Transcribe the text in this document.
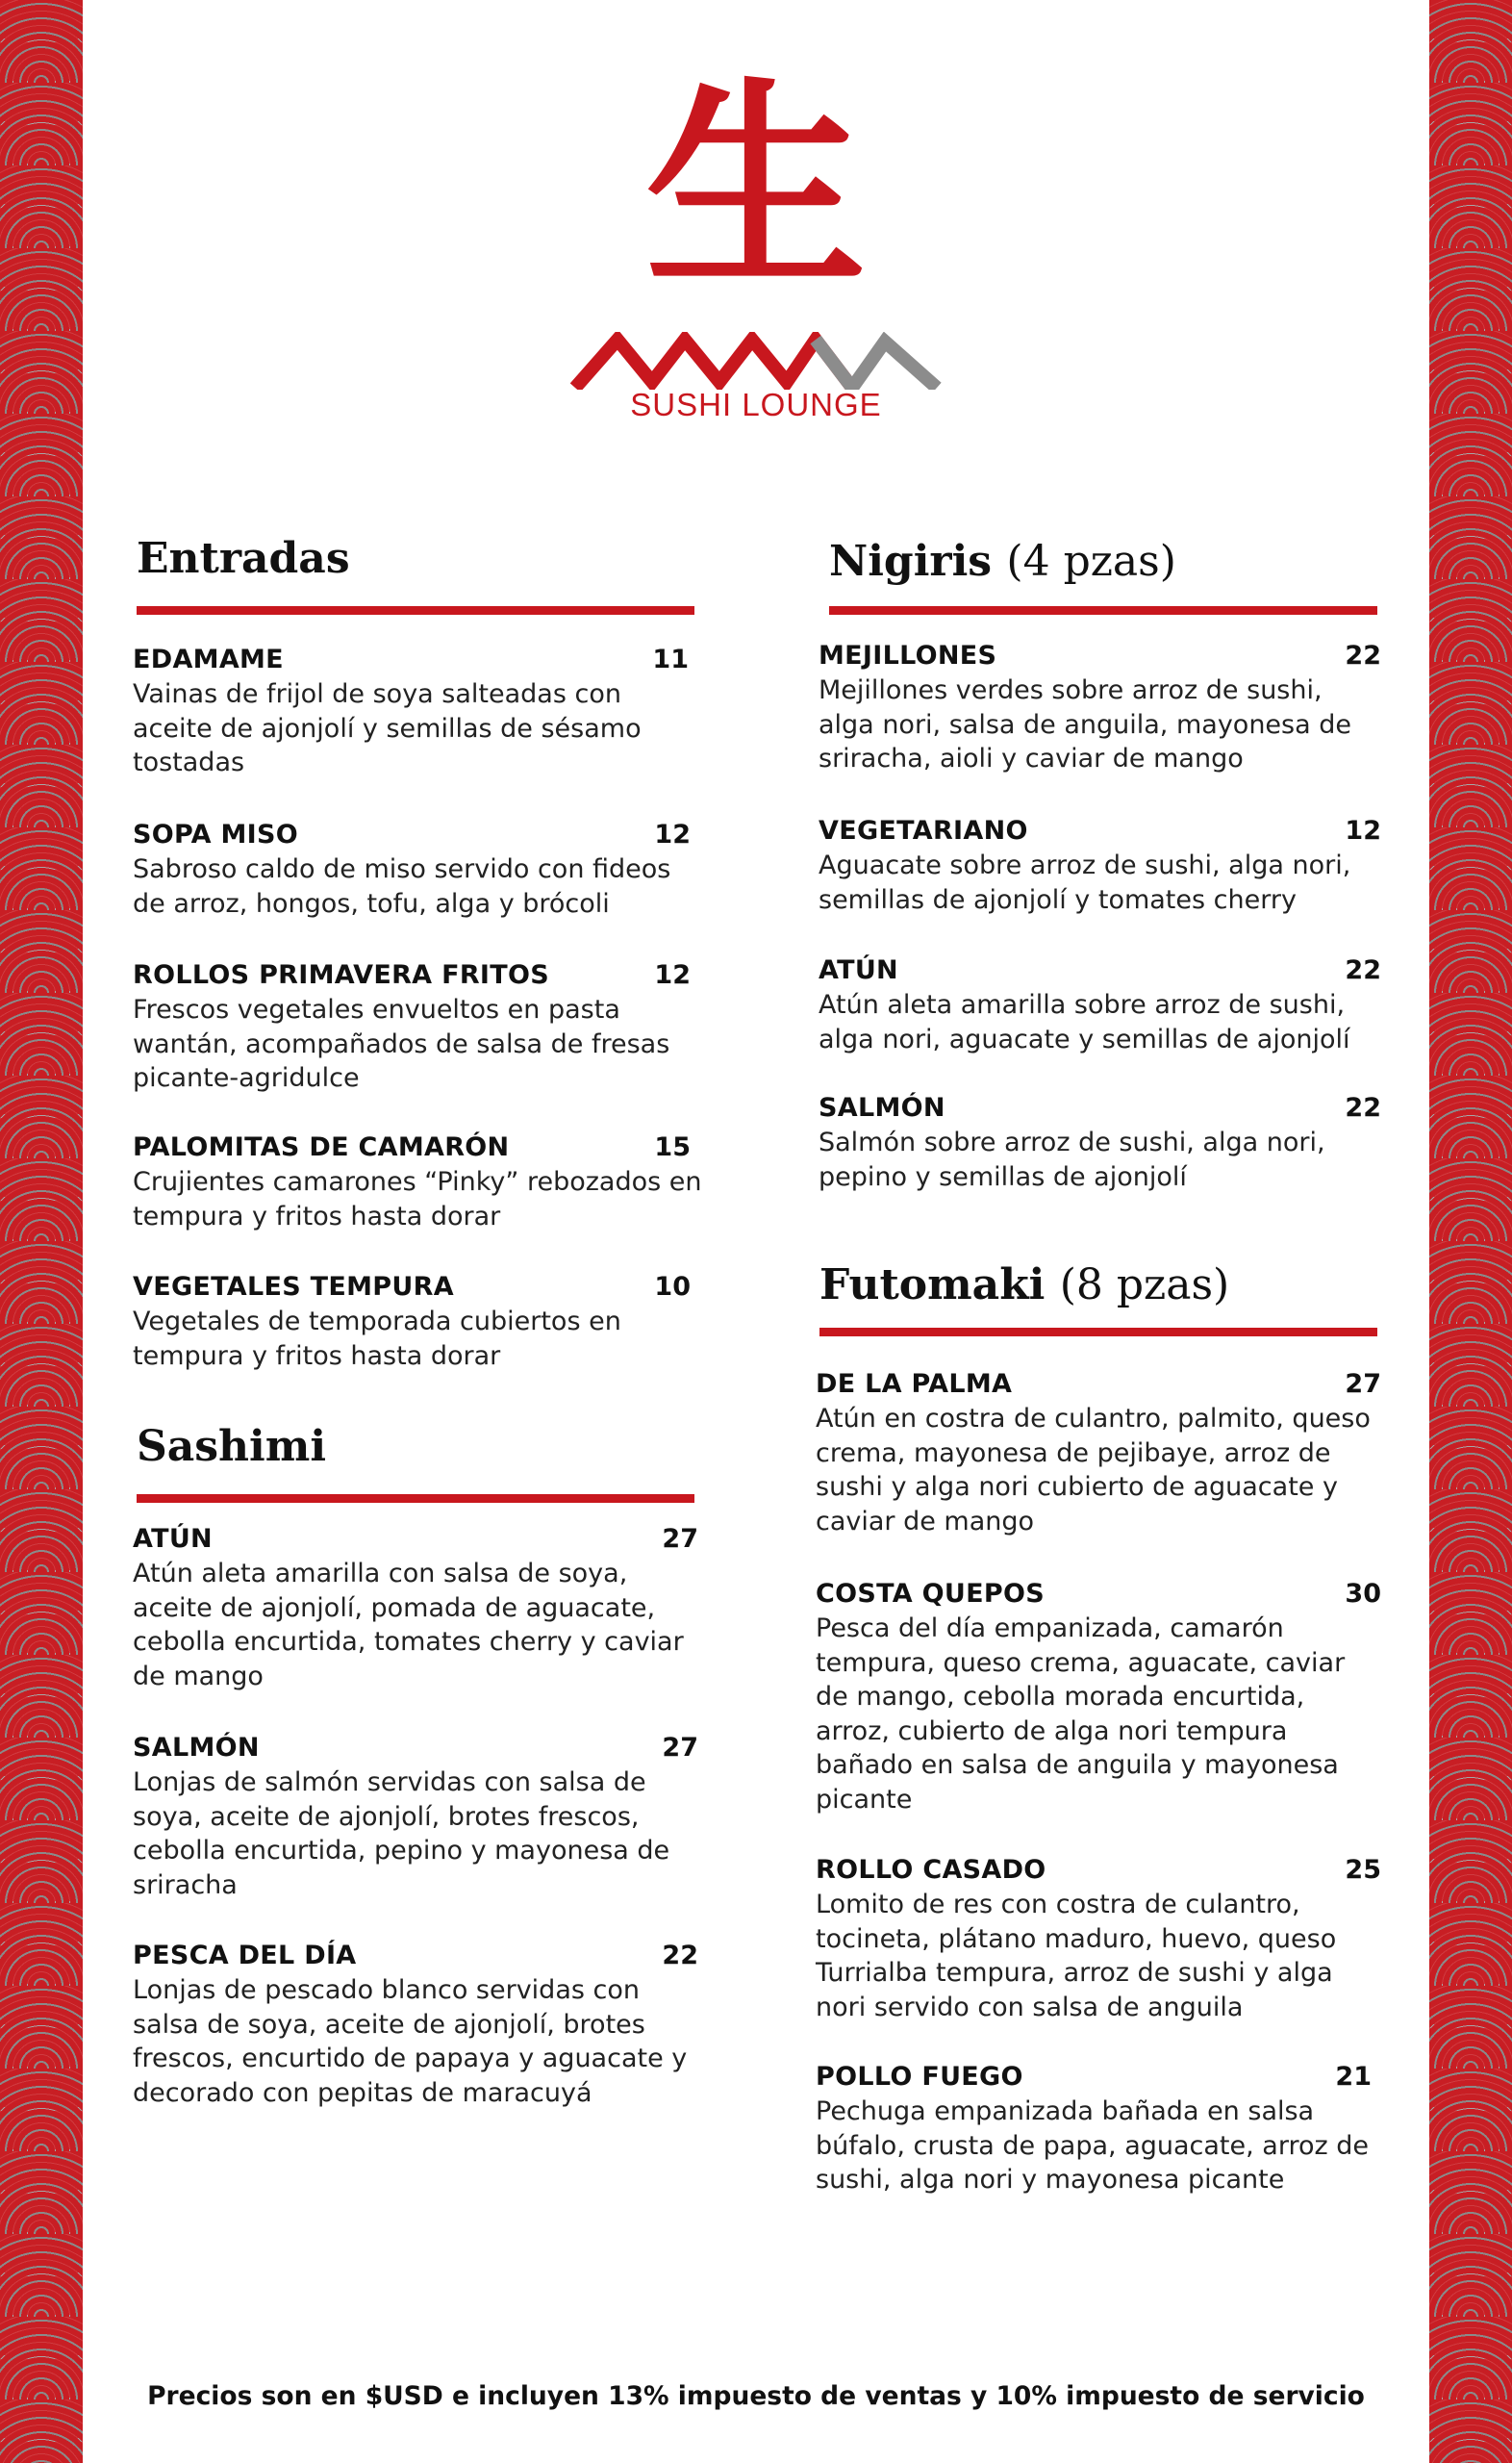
生
SUSHI LOUNGE
Entradas
EDAMAME	11
Vainas de frijol de soya salteadas con aceite de ajonjolí y semillas de sésamo tostadas
SOPA MISO	12
Sabroso caldo de miso servido con fideos de arroz, hongos, tofu, alga y brócoli
ROLLOS PRIMAVERA FRITOS	12
Frescos vegetales envueltos en pasta wantán, acompañados de salsa de fresas picante-agridulce
PALOMITAS DE CAMARÓN	15
Crujientes camarones “Pinky” rebozados en tempura y fritos hasta dorar
VEGETALES TEMPURA	10
Vegetales de temporada cubiertos en tempura y fritos hasta dorar
Sashimi
ATÚN	27
Atún aleta amarilla con salsa de soya, aceite de ajonjolí, pomada de aguacate, cebolla encurtida, tomates cherry y caviar de mango
SALMÓN	27
Lonjas de salmón servidas con salsa de soya, aceite de ajonjolí, brotes frescos, cebolla encurtida, pepino y mayonesa de sriracha
PESCA DEL DÍA	22
Lonjas de pescado blanco servidas con salsa de soya, aceite de ajonjolí, brotes frescos, encurtido de papaya y aguacate y decorado con pepitas de maracuyá
Nigiris (4 pzas)
MEJILLONES	22
Mejillones verdes sobre arroz de sushi, alga nori, salsa de anguila, mayonesa de sriracha, aioli y caviar de mango
VEGETARIANO	12
Aguacate sobre arroz de sushi, alga nori, semillas de ajonjolí y tomates cherry
ATÚN	22
Atún aleta amarilla sobre arroz de sushi, alga nori, aguacate y semillas de ajonjolí
SALMÓN	22
Salmón sobre arroz de sushi, alga nori, pepino y semillas de ajonjolí
Futomaki (8 pzas)
DE LA PALMA	27
Atún en costra de culantro, palmito, queso crema, mayonesa de pejibaye, arroz de sushi y alga nori cubierto de aguacate y caviar de mango
COSTA QUEPOS	30
Pesca del día empanizada, camarón tempura, queso crema, aguacate, caviar de mango, cebolla morada encurtida, arroz, cubierto de alga nori tempura bañado en salsa de anguila y mayonesa picante
ROLLO CASADO	25
Lomito de res con costra de culantro, tocineta, plátano maduro, huevo, queso Turrialba tempura, arroz de sushi y alga nori servido con salsa de anguila
POLLO FUEGO	21
Pechuga empanizada bañada en salsa búfalo, crusta de papa, aguacate, arroz de sushi, alga nori y mayonesa picante
Precios son en $USD e incluyen 13% impuesto de ventas y 10% impuesto de servicio
